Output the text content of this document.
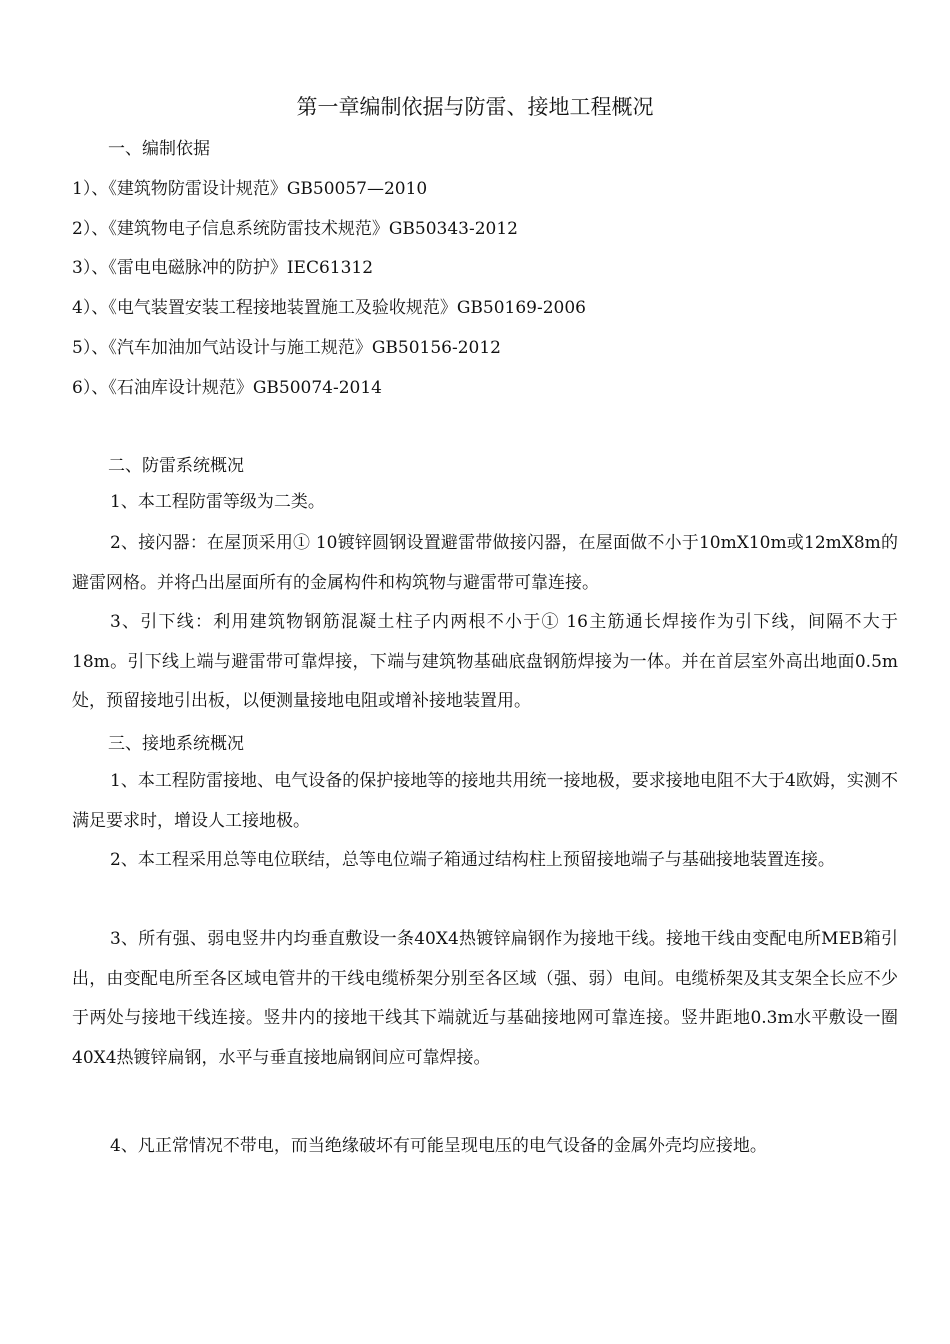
第一章编制依据与防雷、接地工程概况
一、编制依据
1）、《建筑物防雷设计规范》GB50057—2010
2）、《建筑物电子信息系统防雷技术规范》GB50343-2012
3）、《雷电电磁脉冲的防护》IEC61312
4）、《电气装置安装工程接地装置施工及验收规范》GB50169-2006
5）、《汽车加油加气站设计与施工规范》GB50156-2012
6）、《石油库设计规范》GB50074-2014
二、防雷系统概况
1、本工程防雷等级为二类。
2、接闪器：在屋顶采用① 10镀锌圆钢设置避雷带做接闪器，在屋面做不小于10mX10m或12mX8m的避雷网格。并将凸出屋面所有的金属构件和构筑物与避雷带可靠连接。
3、引下线：利用建筑物钢筋混凝土柱子内两根不小于① 16主筋通长焊接作为引下线，间隔不大于18m。引下线上端与避雷带可靠焊接，下端与建筑物基础底盘钢筋焊接为一体。并在首层室外高出地面0.5m处，预留接地引出板，以便测量接地电阻或增补接地装置用。
三、接地系统概况
1、本工程防雷接地、电气设备的保护接地等的接地共用统一接地极，要求接地电阻不大于4欧姆，实测不满足要求时，增设人工接地极。
2、本工程采用总等电位联结，总等电位端子箱通过结构柱上预留接地端子与基础接地装置连接。
3、所有强、弱电竖井内均垂直敷设一条40X4热镀锌扁钢作为接地干线。接地干线由变配电所MEB箱引出，由变配电所至各区域电管井的干线电缆桥架分别至各区域（强、弱）电间。电缆桥架及其支架全长应不少于两处与接地干线连接。竖井内的接地干线其下端就近与基础接地网可靠连接。竖井距地0.3m水平敷设一圈40X4热镀锌扁钢，水平与垂直接地扁钢间应可靠焊接。
4、凡正常情况不带电，而当绝缘破坏有可能呈现电压的电气设备的金属外壳均应接地。
